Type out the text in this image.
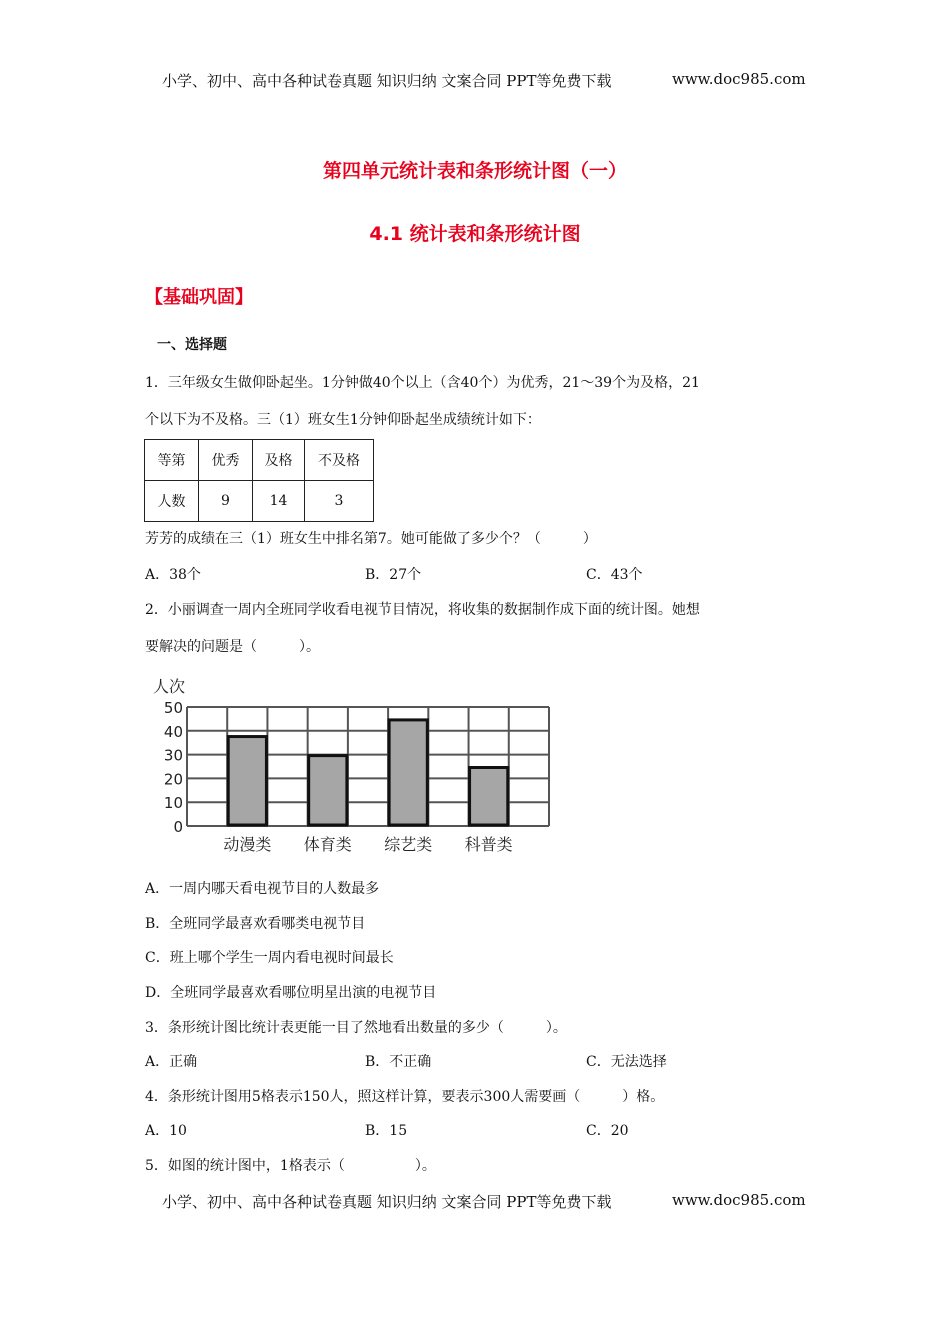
小学、初中、高中各种试卷真题 知识归纳 文案合同 PPT等免费下载	www.doc985.com
第四单元统计表和条形统计图（一）
4.1 统计表和条形统计图
【基础巩固】
一、选择题
1．三年级女生做仰卧起坐。1分钟做40个以上（含40个）为优秀，21～39个为及格，21
个以下为不及格。三（1）班女生1分钟仰卧起坐成绩统计如下：
等第	优秀	及格	不及格
人数	9	14	3
芳芳的成绩在三（1）班女生中排名第7。她可能做了多少个？（　　　）
A．38个	B．27个	C．43个
2．小丽调查一周内全班同学收看电视节目情况，将收集的数据制作成下面的统计图。她想
要解决的问题是（　　　）。
人次
0
10
20
30
40
50
动漫类 体育类 综艺类 科普类
A．一周内哪天看电视节目的人数最多
B．全班同学最喜欢看哪类电视节目
C．班上哪个学生一周内看电视时间最长
D．全班同学最喜欢看哪位明星出演的电视节目
3．条形统计图比统计表更能一目了然地看出数量的多少（　　　）。
A．正确	B．不正确	C．无法选择
4．条形统计图用5格表示150人，照这样计算，要表示300人需要画（　　　）格。
A．10	B．15	C．20
5．如图的统计图中，1格表示（　　　　　）。
小学、初中、高中各种试卷真题 知识归纳 文案合同 PPT等免费下载	www.doc985.com
